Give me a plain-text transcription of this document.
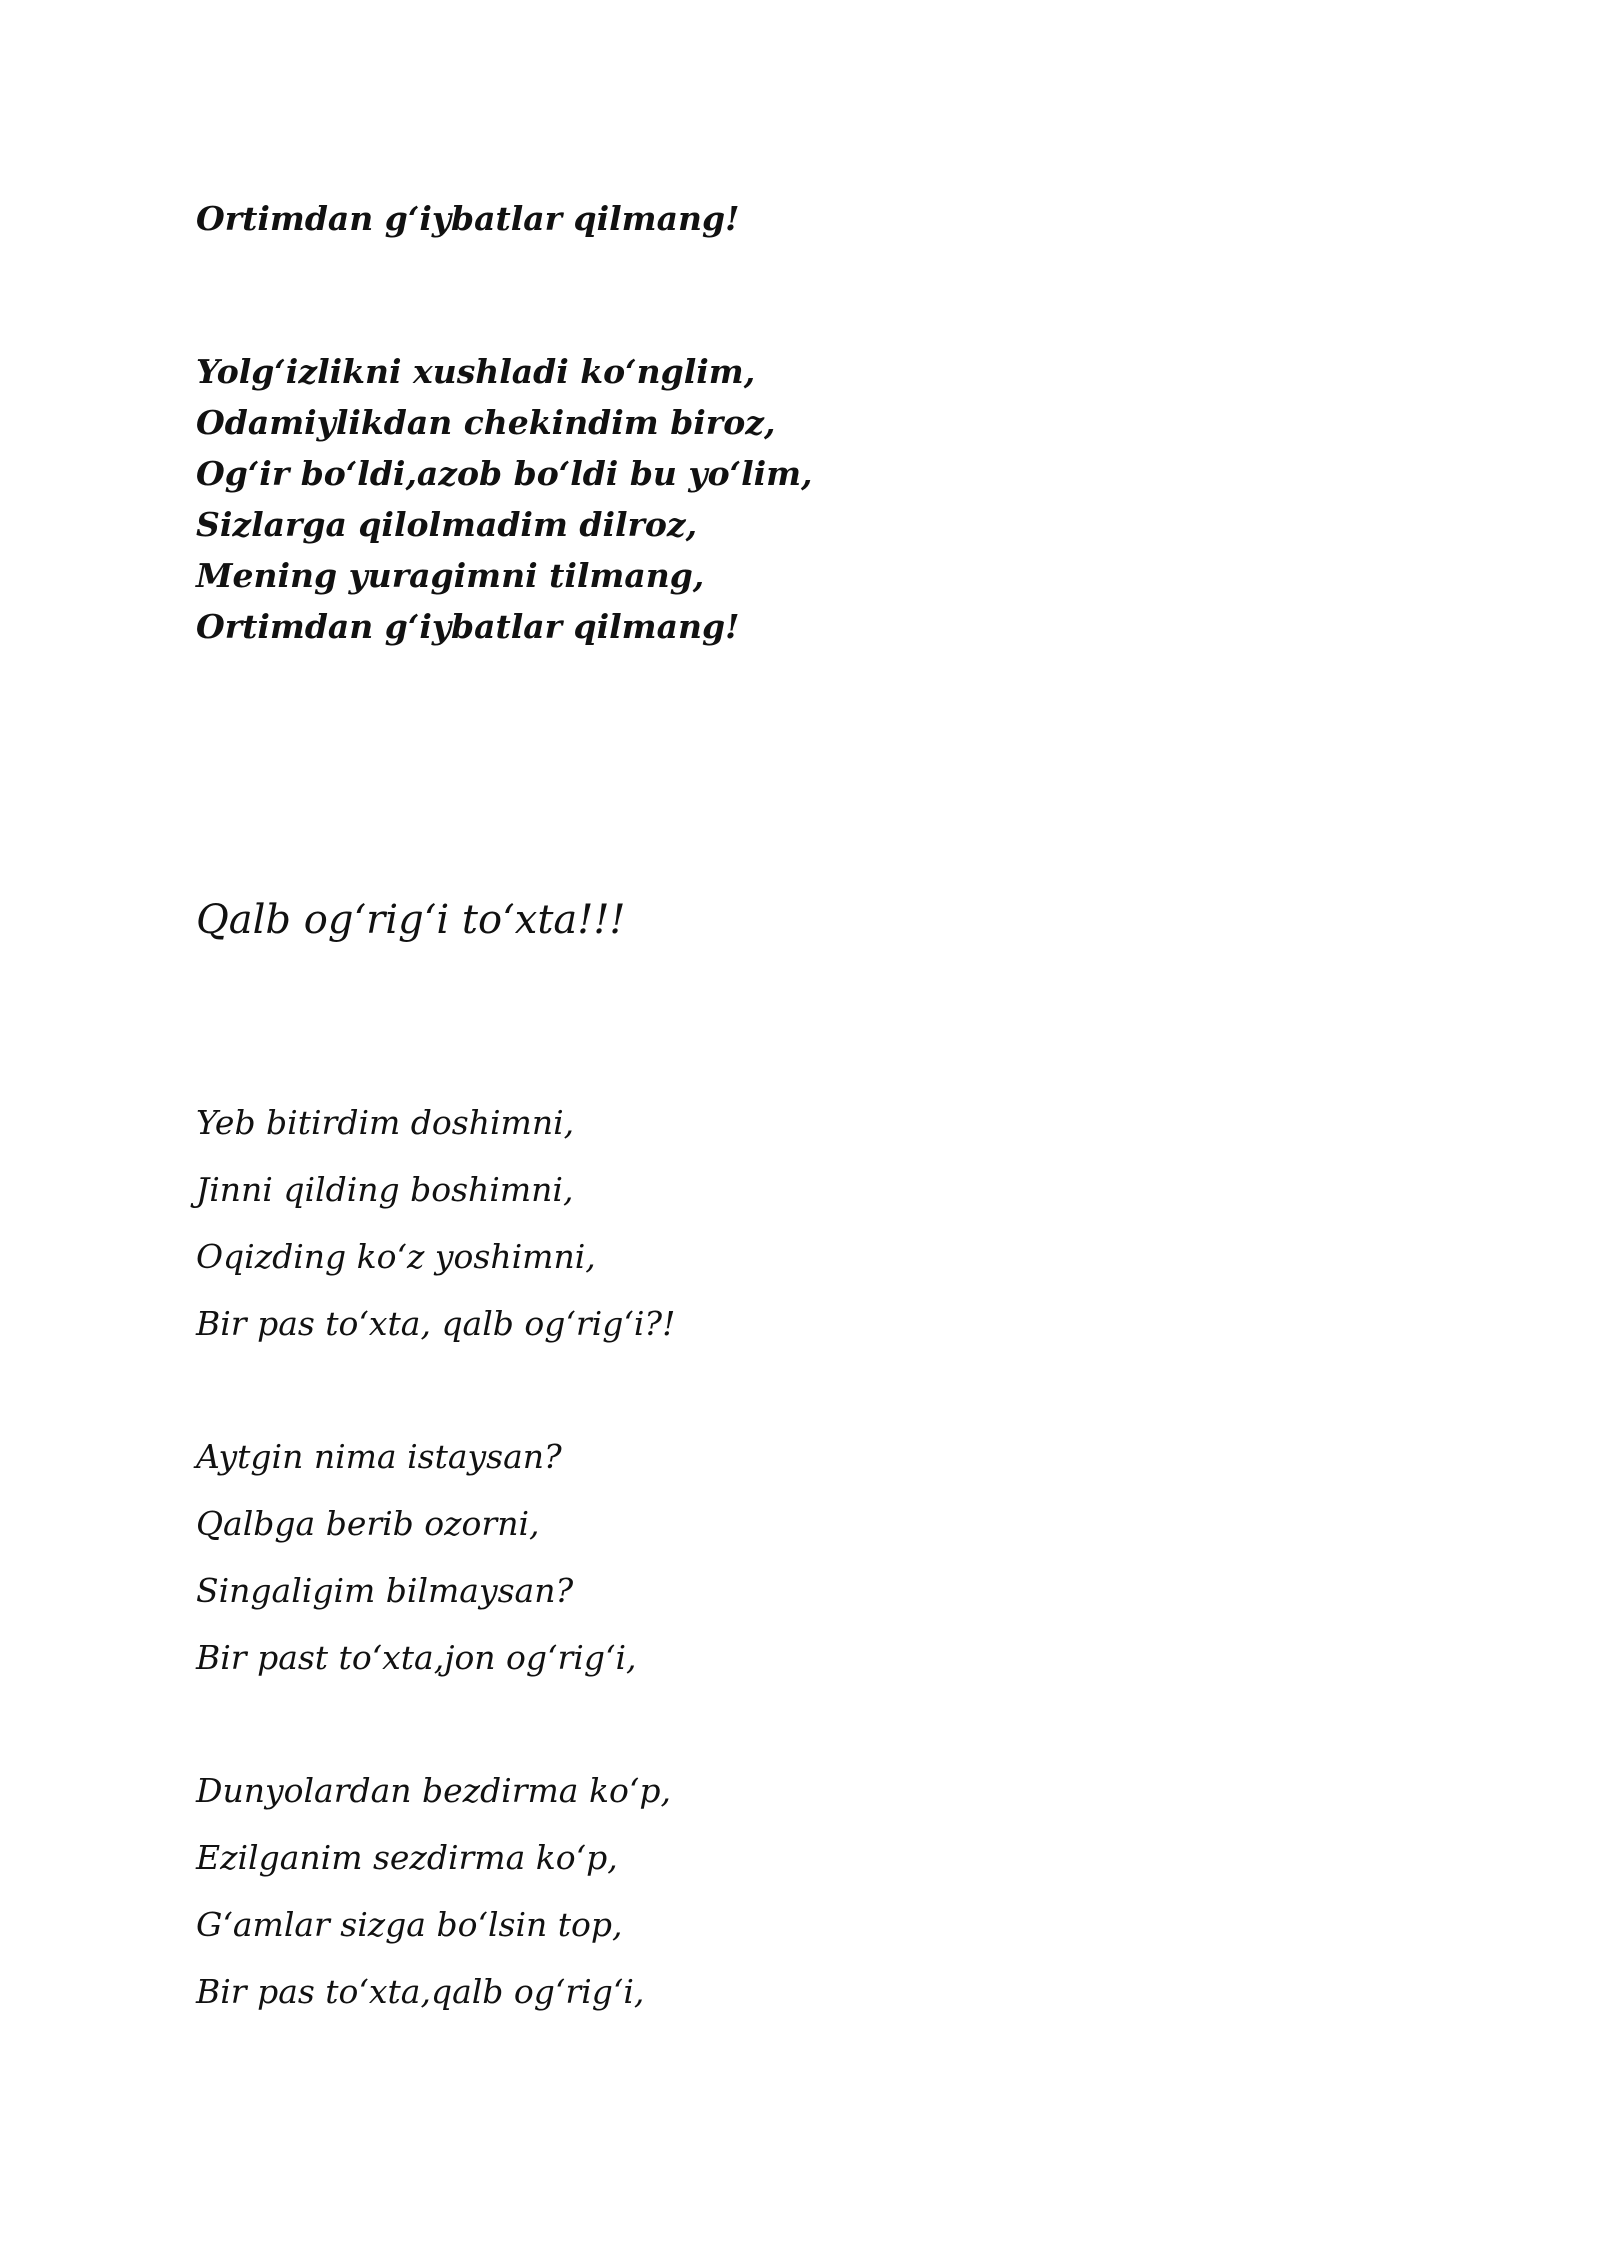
Ortimdan g‘iybatlar qilmang!
Yolg‘izlikni xushladi ko‘nglim,
Odamiylikdan chekindim biroz,
Og‘ir bo‘ldi,azob bo‘ldi bu yo‘lim,
Sizlarga qilolmadim dilroz,
Mening yuragimni tilmang,
Ortimdan g‘iybatlar qilmang!
Qalb og‘rig‘i to‘xta!!!
Yeb bitirdim doshimni,
Jinni qilding boshimni,
Oqizding ko‘z yoshimni,
Bir pas to‘xta, qalb og‘rig‘i?!
Aytgin nima istaysan?
Qalbga berib ozorni,
Singaligim bilmaysan?
Bir past to‘xta,jon og‘rig‘i,
Dunyolardan bezdirma ko‘p,
Ezilganim sezdirma ko‘p,
G‘amlar sizga bo‘lsin top,
Bir pas to‘xta,qalb og‘rig‘i,
